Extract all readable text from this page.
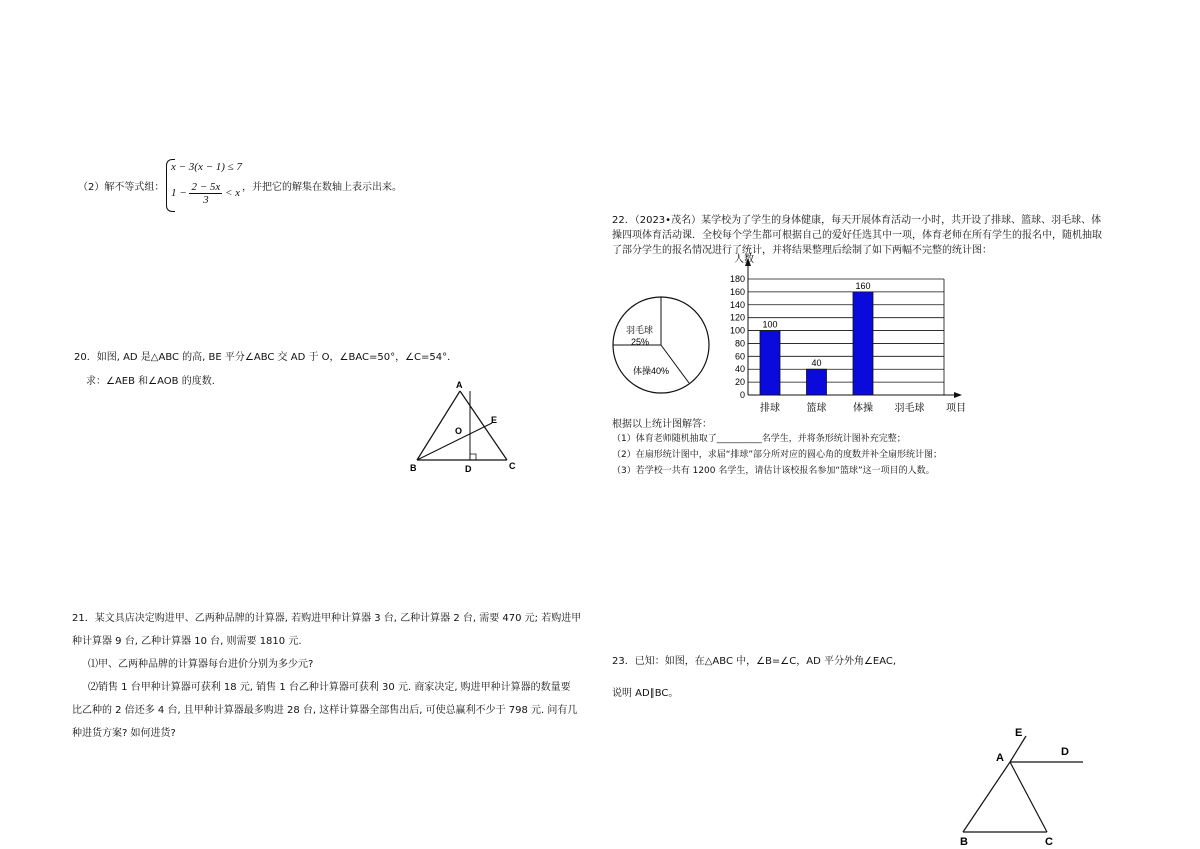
（2）解不等式组：
x − 3(x − 1) ≤ 7
$1 - \frac{2 - 5x}{3} < x$ ，并把它的解集在数轴上表示出来。
20．如图, AD 是△ABC 的高, BE 平分∠ABC 交 AD 于 O，∠BAC=50°，∠C=54°．
求：∠AEB 和∠AOB 的度数.	A
B	C
D
E
O
21．某文具店决定购进甲、乙两种品牌的计算器, 若购进甲种计算器 3 台, 乙种计算器 2 台, 需要 470 元; 若购进甲
种计算器 9 台, 乙种计算器 10 台, 则需要 1810 元.
⑴甲、乙两种品牌的计算器每台进价分别为多少元?
⑵销售 1 台甲种计算器可获利 18 元, 销售 1 台乙种计算器可获利 30 元. 商家决定, 购进甲种计算器的数量要
比乙种的 2 倍还多 4 台, 且甲种计算器最多购进 28 台, 这样计算器全部售出后, 可使总赢利不少于 798 元. 问有几
种进货方案? 如何进货?
22．（2023•茂名）某学校为了学生的身体健康，每天开展体育活动一小时，共开设了排球、篮球、羽毛球、体
操四项体育活动课．全校每个学生都可根据自己的爱好任选其中一项，体育老师在所有学生的报名中，随机抽取
了部分学生的报名情况进行了统计，并将结果整理后绘制了如下两幅不完整的统计图：
羽毛球
25%
体操40%
0
20
40
60
80
100
120
140
160
180
人数
项目
100
排球
40
篮球
160
体操 羽毛球
根据以上统计图解答：
（1）体育老师随机抽取了__________名学生，并将条形统计图补充完整；
（2）在扇形统计图中，求届“排球”部分所对应的圆心角的度数并补全扇形统计图；
（3）若学校一共有 1200 名学生，请估计该校报名参加“篮球”这一项目的人数。
23．已知：如图，在△ABC 中，∠B=∠C，AD 平分外角∠EAC,
说明 AD∥BC。
A
B	C
D
E
